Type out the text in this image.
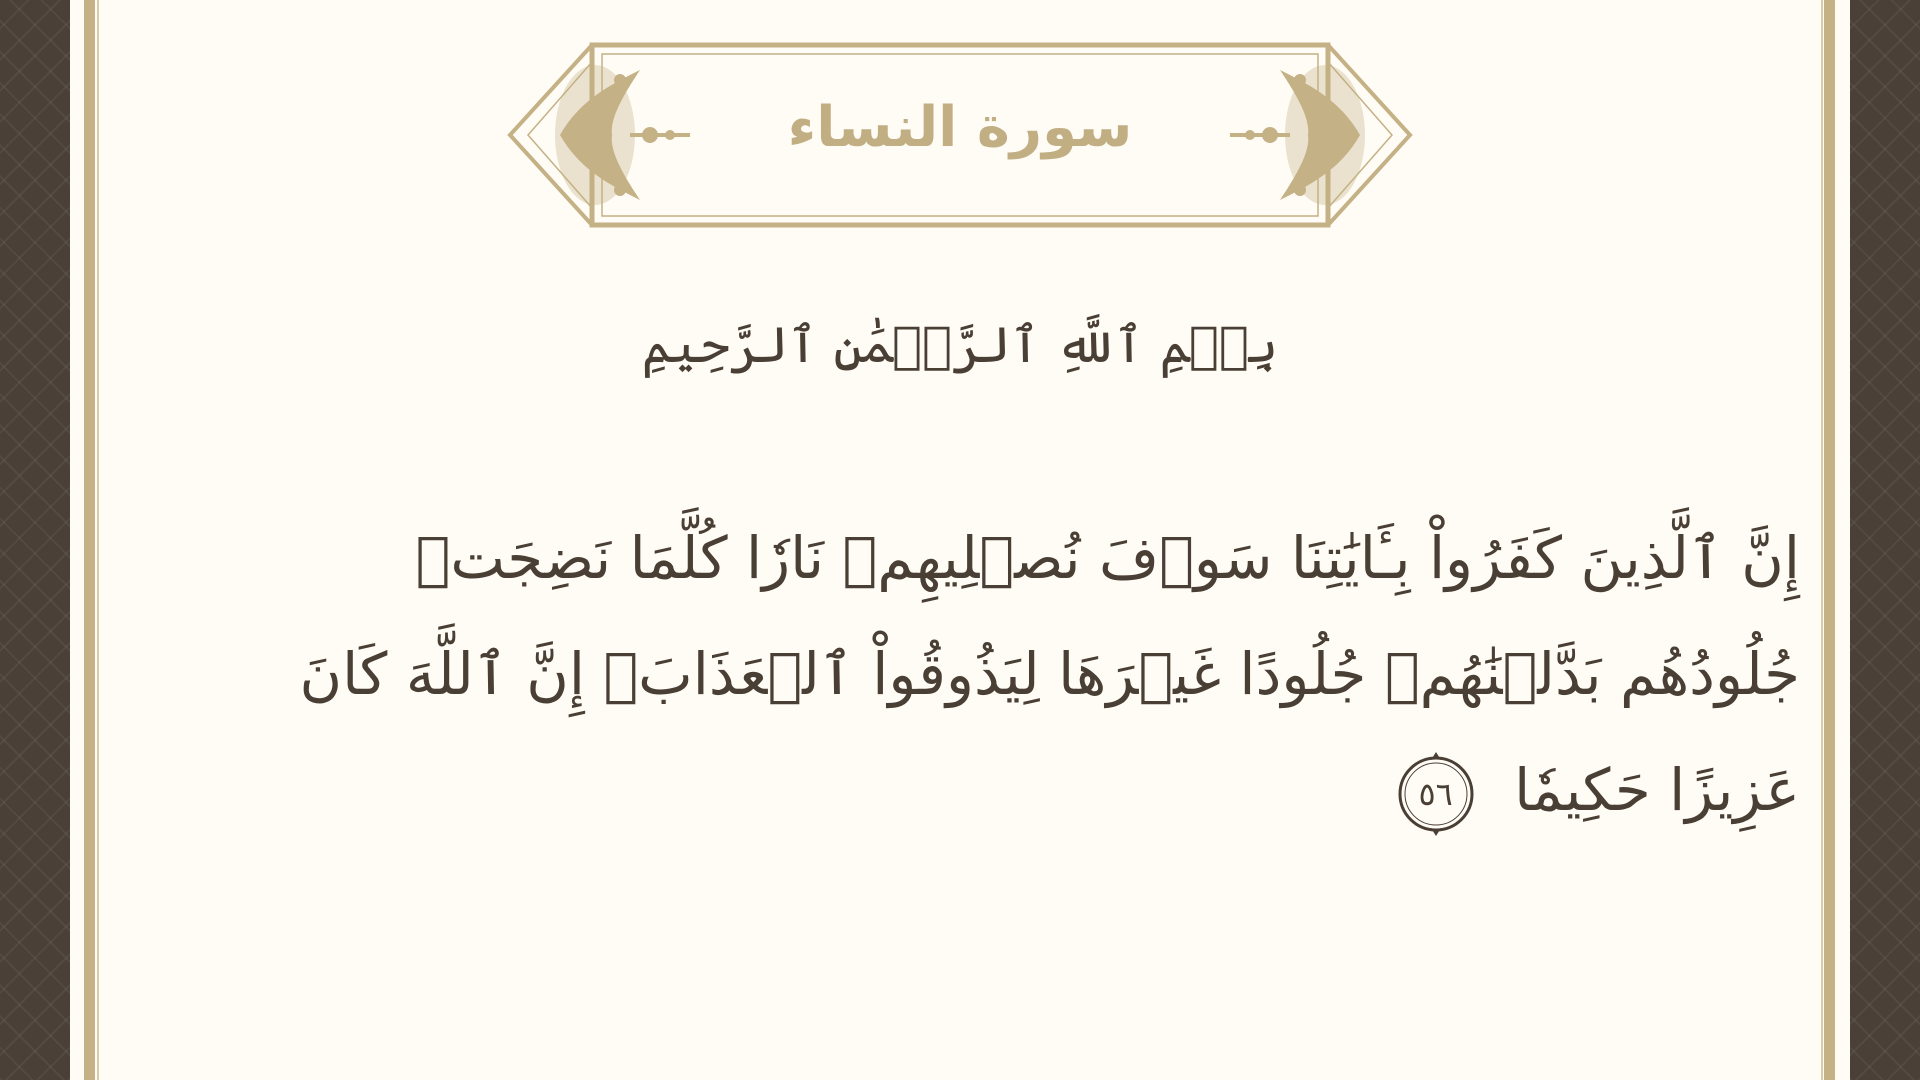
سورة النساء
بِسۡمِ ٱللَّهِ ٱلرَّحۡمَٰنِ ٱلرَّحِيمِ
إِنَّ ٱلَّذِينَ كَفَرُواْ بِـَٔايَٰتِنَا سَوۡفَ نُصۡلِيهِمۡ نَارٗا كُلَّمَا نَضِجَتۡ جُلُودُهُم بَدَّلۡنَٰهُمۡ جُلُودًا غَيۡرَهَا لِيَذُوقُواْ ٱلۡعَذَابَۗ إِنَّ ٱللَّهَ كَانَ عَزِيزًا حَكِيمٗا
٥٦
